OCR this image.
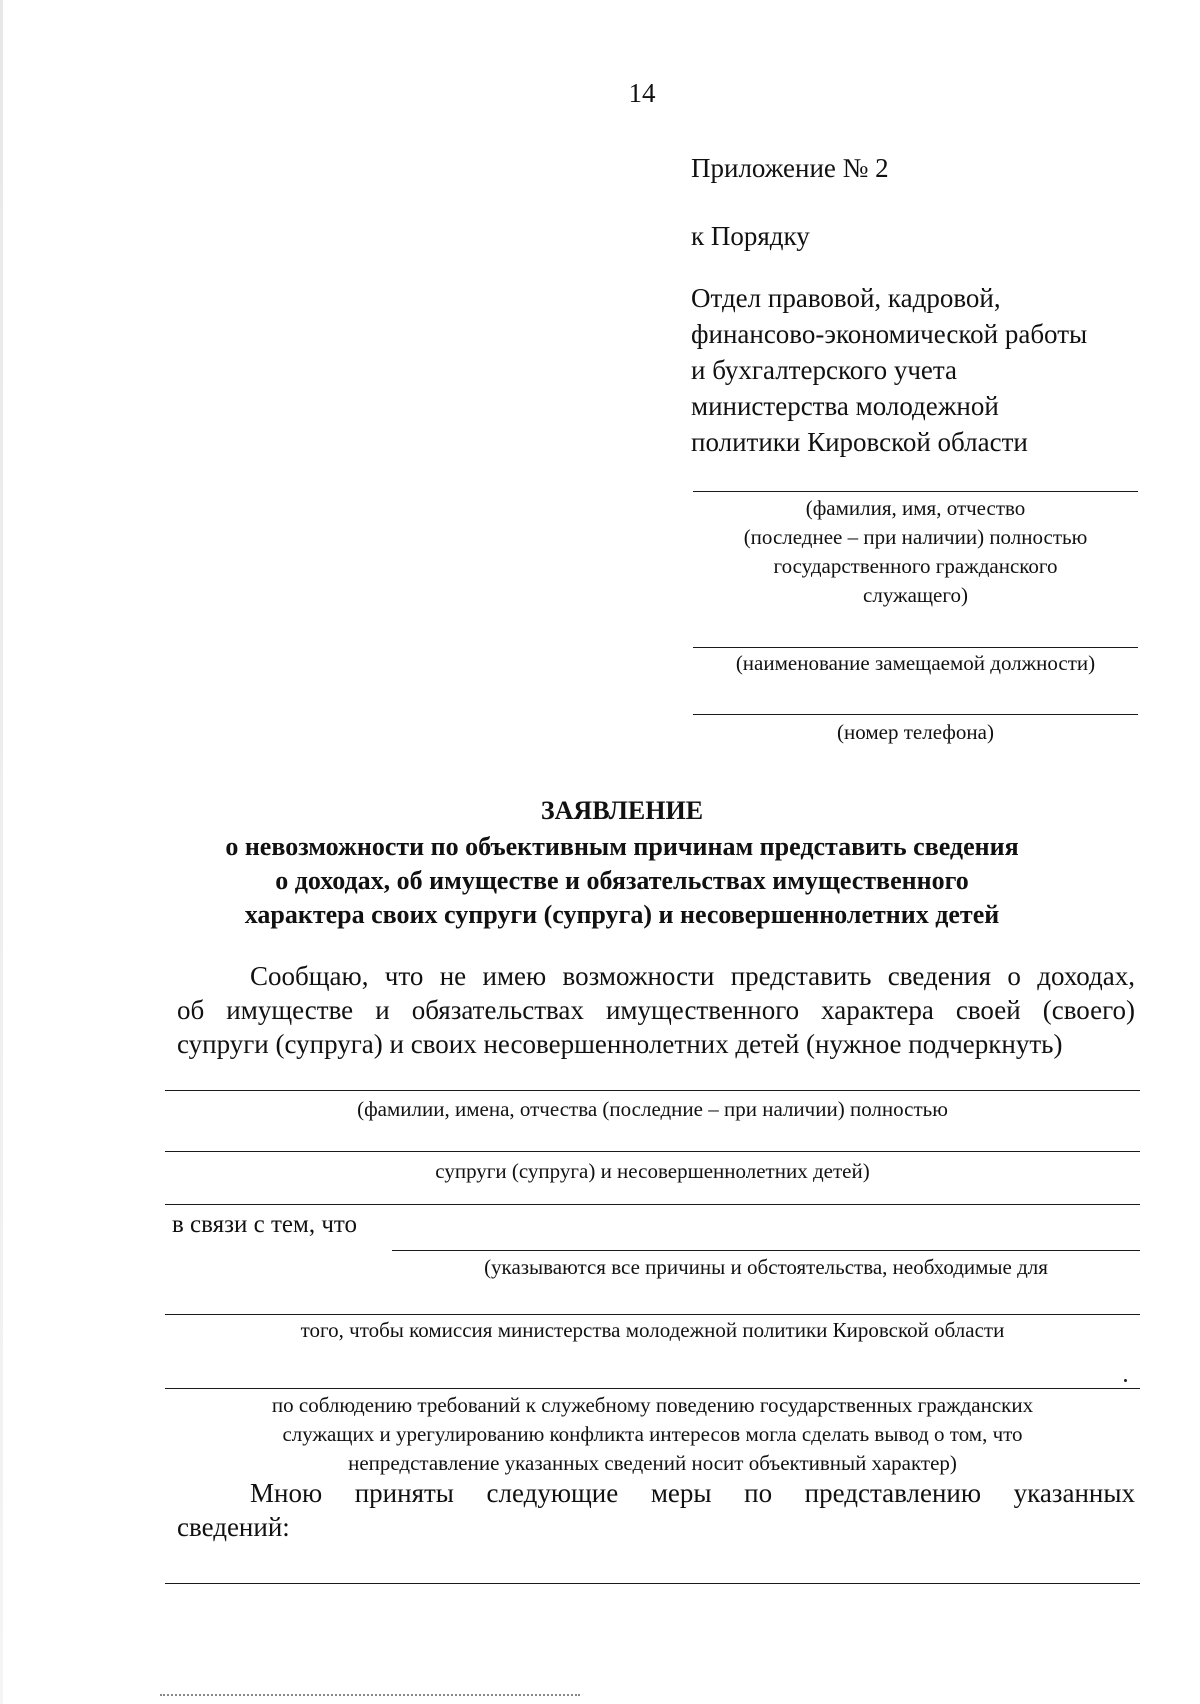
14
Приложение № 2
к Порядку
Отдел правовой, кадровой,
финансово-экономической работы
и бухгалтерского учета
министерства молодежной
политики Кировской области
(фамилия, имя, отчество
(последнее – при наличии) полностью
государственного гражданского
служащего)
(наименование замещаемой должности)
(номер телефона)
ЗАЯВЛЕНИЕ
о невозможности по объективным причинам представить сведения
о доходах, об имуществе и обязательствах имущественного
характера своих супруги (супруга) и несовершеннолетних детей
Сообщаю, что не имею возможности представить сведения о доходах,
об имуществе и обязательствах имущественного характера своей (своего)
супруги (супруга) и своих несовершеннолетних детей (нужное подчеркнуть)
(фамилии, имена, отчества (последние – при наличии) полностью
супруги (супруга) и несовершеннолетних детей)
в связи с тем, что
(указываются все причины и обстоятельства, необходимые для
того, чтобы комиссия министерства молодежной политики Кировской области
по соблюдению требований к служебному поведению государственных гражданских
служащих и урегулированию конфликта интересов могла сделать вывод о том, что
непредставление указанных сведений носит объективный характер)
Мною приняты следующие меры по представлению указанных
сведений:
